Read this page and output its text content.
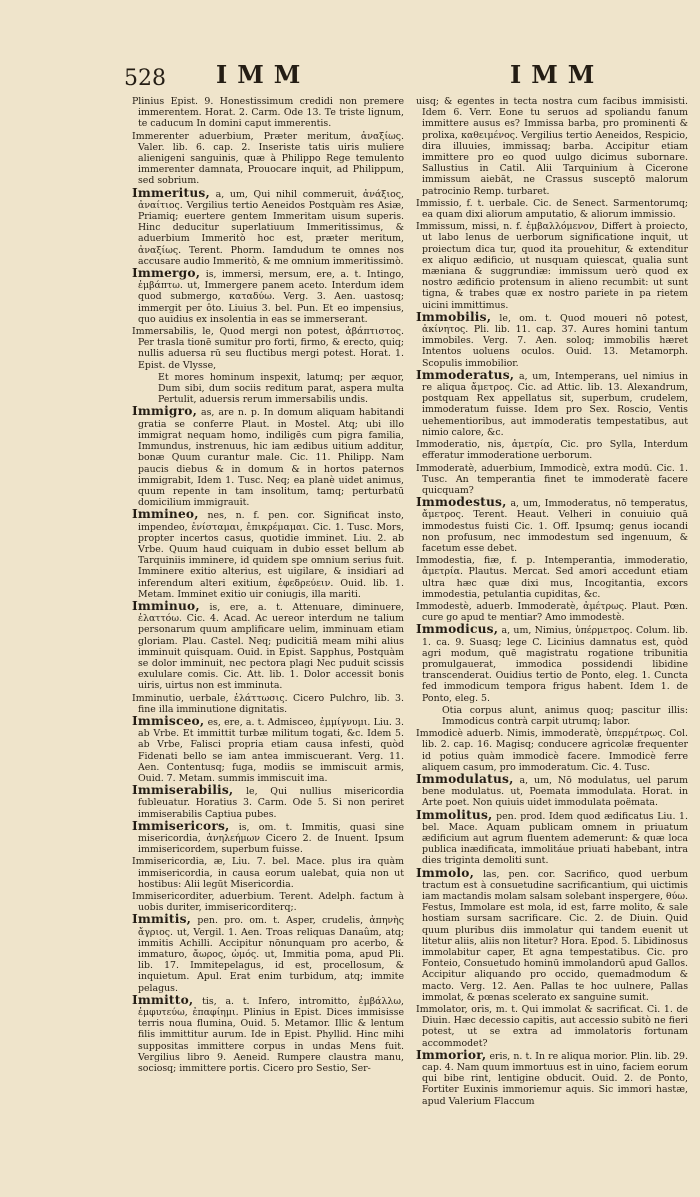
528 IMM	IMM

Plinius Epist. 9. Honestissimum credidi non premere immerentem. Horat. 2. Carm. Ode 13. Te triste lignum, te caducum In domini caput immerentis.

Immerenter aduerbium, Præter meritum, ἀναξίως. Valer. lib. 6. cap. 2. Inseriste tatis uiris muliere alienigeni sanguinis, quæ à Philippo Rege temulento immerenter damnata, Prouocare inquit, ad Philippum, sed sobrium.

Immeritus, a, um, Qui nihil commeruit, ἀνάξιος, ἀναίτιος. Vergilius tertio Aeneidos Postquàm res Asiæ, Priamiq; euertere gentem Immeritam uisum superis. Hinc deducitur superlatiuum Immeritissimus, & aduerbium Immeritò hoc est, præter meritum, ἀναξίως. Terent. Phorm. Iamdudum te omnes nos accusare audio Immeritò, & me omnium immeritissimò.

Immergo, is, immersi, mersum, ere, a. t. Intingo, ἐμβάπτω. ut, Immergere panem aceto. Interdum idem quod submergo, καταδύω. Verg. 3. Aen. uastosq; immergit per ôto. Liuius 3. bel. Pun. Et eo impensius, quo auidius ex insolentia in eas se immerserant.

Immersabilis, le, Quod mergi non potest, ἀβάπτιστος. Per trasla tionē sumitur pro forti, firmo, & erecto, quiq; nullis aduersa rū seu fluctibus mergi potest. Horat. 1. Epist. de Vlysse,

Et mores hominum inspexit, latumq; per æquor, Dum sibi, dum sociis reditum parat, aspera multa Pertulit, aduersis rerum immersabilis undis.

Immigro, as, are n. p. In domum aliquam habitandi gratia se conferre Plaut. in Mostel. Atq; ubi illo immigrat nequam homo, indiligēs cum pigra familia, Immundus, instrenuus, hic iam ædibus uitium additur, bonæ Quum curantur male. Cic. 11. Philipp. Nam paucis diebus & in domum & in hortos paternos immigrabit, Idem 1. Tusc. Neq; ea planè uidet animus, quum repente in tam insolitum, tamq; perturbatū domicilium immigrauit.

Immineo, nes, n. f. pen. cor. Significat insto, impendeo, ἐνίσταμαι, ἐπικρέμαμαι. Cic. 1. Tusc. Mors, propter incertos casus, quotidie imminet. Liu. 2. ab Vrbe. Quum haud cuiquam in dubio esset bellum ab Tarquiniis imminere, id quidem spe omnium serius fuit. Imminere exitio alterius, est uigilare, & insidiari ad inferendum alteri exitium, ἐφεδρεύειν. Ouid. lib. 1. Metam. Imminet exitio uir coniugis, illa mariti.

Imminuo, is, ere, a. t. Attenuare, diminuere, ἐλαττόω. Cic. 4. Acad. Ac uereor interdum ne talium personarum quum amplificare uelim, imminuam etiam gloriam. Plau. Castel. Neq; pudicitiā meam mihi alius imminuit quisquam. Ouid. in Epist. Sapphus, Postquàm se dolor imminuit, nec pectora plagi Nec puduit scissis exululare comis. Cic. Att. lib. 1. Dolor accessit bonis uiris, uirtus non est imminuta.

Imminutio, uerbale, ἐλάττωσις. Cicero Pulchro, lib. 3. fine illa imminutione dignitatis.

Immisceo, es, ere, a. t. Admisceo, ἐμμίγνυμι. Liu. 3. ab Vrbe. Et immittit turbæ militum togati, &c. Idem 5. ab Vrbe, Falisci propria etiam causa infesti, quòd Fidenati bello se iam antea immiscuerant. Verg. 11. Aen. Contentusq; fuga, modiis se immiscuit armis, Ouid. 7. Metam. summis immiscuit ima.

Immiserabilis, le, Qui nullius misericordia fubleuatur. Horatius 3. Carm. Ode 5. Si non periret immiserabilis Captiua pubes.

Immisericors, is, om. t. Immitis, quasi sine misericordia, ἀνηλεήμων Cicero 2. de Inuent. Ipsum immisericordem, superbum fuisse.

Immisericordia, æ, Liu. 7. bel. Mace. plus ira quàm immisericordia, in causa eorum ualebat, quia non ut hostibus: Alii legūt Misericordia.

Immisericorditer, aduerbium. Terent. Adelph. factum à uobis duriter, immisericorditerq;.

Immitis, pen. pro. om. t. Asper, crudelis, ἀπηνὴς ἄγριος. ut, Vergil. 1. Aen. Troas reliquas Danaûm, atq; immitis Achilli. Accipitur nōnunquam pro acerbo, & immaturo, ἄωρος, ὠμός. ut, Immitia poma, apud Pli. lib. 17. Immitepelagus, id est, procellosum, & inquietum. Apul. Erat enim turbidum, atq; immite pelagus.

Immitto, tis, a. t. Infero, intromitto, ἐμβάλλω, ἐμφυτεύω, ἐπαφίημι. Plinius in Epist. Dices immisisse terris noua flumina, Ouid. 5. Metamor. Illic & lentum filis immittitur aurum. Ide in Epist. Phyllid. Hinc mihi suppositas immittere corpus in undas Mens fuit. Vergilius libro 9. Aeneid. Rumpere claustra manu, sociosq; immittere portis. Cicero pro Sestio, Ser-

uisq; & egentes in tecta nostra cum facibus immisisti. Idem 6. Verr. Eone tu seruos ad spoliandu fanum immittere ausus es? Immissa barba, pro prominenti & prolixa, καθειμένος. Vergilius tertio Aeneidos, Respicio, dira illuuies, immissaq; barba. Accipitur etiam immittere pro eo quod uulgo dicimus subornare. Sallustius in Catil. Alii Tarquinium à Cicerone immissum aiebāt, ne Crassus susceptō malorum patrocinio Remp. turbaret.

Immissio, f. t. uerbale. Cic. de Senect. Sarmentorumq; ea quam dixi aliorum amputatio, & aliorum immissio.

Immissum, missi, n. f. ἐμβαλλόμενον, Differt à proiecto, ut labo lenus de uerborum significatione inquit, ut proiectum dica tur, quod ita prouehitur, & extenditur ex aliquo ædificio, ut nusquam quiescat, qualia sunt mæniana & suggrundiæ: immissum uerò quod ex nostro ædificio protensum in alieno recumbit: ut sunt tigna, & trabes quæ ex nostro pariete in pa rietem uicini immittimus.

Immobilis, le, om. t. Quod moueri nō potest, ἀκίνητος. Pli. lib. 11. cap. 37. Aures homini tantum immobiles. Verg. 7. Aen. soloq; immobilis hæret Intentos uoluens oculos. Ouid. 13. Metamorph. Scopulis immobilior.

Immoderatus, a, um, Intemperans, uel nimius in re aliqua ἄμετρος. Cic. ad Attic. lib. 13. Alexandrum, postquam Rex appellatus sit, superbum, crudelem, immoderatum fuisse. Idem pro Sex. Roscio, Ventis uehementioribus, aut immoderatis tempestatibus, aut nimio calore, &c.

Immoderatio, nis, ἀμετρία, Cic. pro Sylla, Interdum efferatur immoderatione uerborum.

Immoderatè, aduerbium, Immodicè, extra modū. Cic. 1. Tusc. An temperantia finet te immoderatè facere quicquam?

Immodestus, a, um, Immoderatus, nō temperatus, ἄμετρος. Terent. Heaut. Velheri in conuiuio quā immodestus fuisti Cic. 1. Off. Ipsumq; genus iocandi non profusum, nec immodestum sed ingenuum, & facetum esse debet.

Immodestia, fiæ, f. p. Intemperantia, immoderatio, ἀμετρία. Plautus. Mercat. Sed amori accedunt etiam ultra hæc quæ dixi mus, Incogitantia, excors immodestia, petulantia cupiditas, &c.

Immodestè, aduerb. Immoderatè, ἀμέτρως. Plaut. Pœn. cure go apud te mentiar? Amo immodestè.

Immodicus, a, um, Nimius, ὑπέρμετρος. Colum. lib. 1. ca. 9. Suasq; lege C. Licinius damnatus est, quòd agri modum, quē magistratu rogatione tribunitia promulgauerat, immodica possidendi libidine transcenderat. Ouidius tertio de Ponto, eleg. 1. Cuncta fed immodicum tempora frigus habent. Idem 1. de Ponto, eleg. 5.

Otia corpus alunt, animus quoq; pascitur illis: Immodicus contrà carpit utrumq; labor.

Immodicè aduerb. Nimis, immoderatè, ὑπερμέτρως. Col. lib. 2. cap. 16. Magisq; conducere agricolæ frequenter id potius quàm immodicè facere. Immodicè ferre aliquem casum, pro immoderatum. Cic. 4. Tusc.

Immodulatus, a, um, Nō modulatus, uel parum bene modulatus. ut, Poemata immodulata. Horat. in Arte poet. Non quiuis uidet immodulata poëmata.

Immolitus, pen. prod. Idem quod ædificatus Liu. 1. bel. Mace. Aquam publicam omnem in priuatum ædificium aut agrum fluentem ademerunt: & quæ loca publica inædificata, immolitáue priuati habebant, intra dies triginta demoliti sunt.

Immolo, las, pen. cor. Sacrifico, quod uerbum tractum est à consuetudine sacrificantium, qui uictimis iam mactandis molam salsam solebant inspergere, θύω. Festus, Immolare est mola, id est, farre molito, & sale hostiam sursam sacrificare. Cic. 2. de Diuin. Quid quum pluribus diis immolatur qui tandem euenit ut litetur aliis, aliis non litetur? Hora. Epod. 5. Libidinosus immolabitur caper, Et agna tempestatibus. Cic. pro Fonteio, Consuetudo hominū immolandorū apud Gallos. Accipitur aliquando pro occido, quemadmodum & macto. Verg. 12. Aen. Pallas te hoc uulnere, Pallas immolat, & pœnas scelerato ex sanguine sumit.

Immolator, oris, m. t. Qui immolat & sacrificat. Ci. 1. de Diuin. Hæc decessio capitis, aut accessio subitò ne fieri potest, ut se extra ad immolatoris fortunam accommodet?

Immorior, eris, n. t. In re aliqua morior. Plin. lib. 29. cap. 4. Nam quum immortuus est in uino, faciem eorum qui bibe rint, lentigine obducit. Ouid. 2. de Ponto, Fortiter Euxinis immoriemur aquis. Sic immori hastæ, apud Valerium Flaccum
